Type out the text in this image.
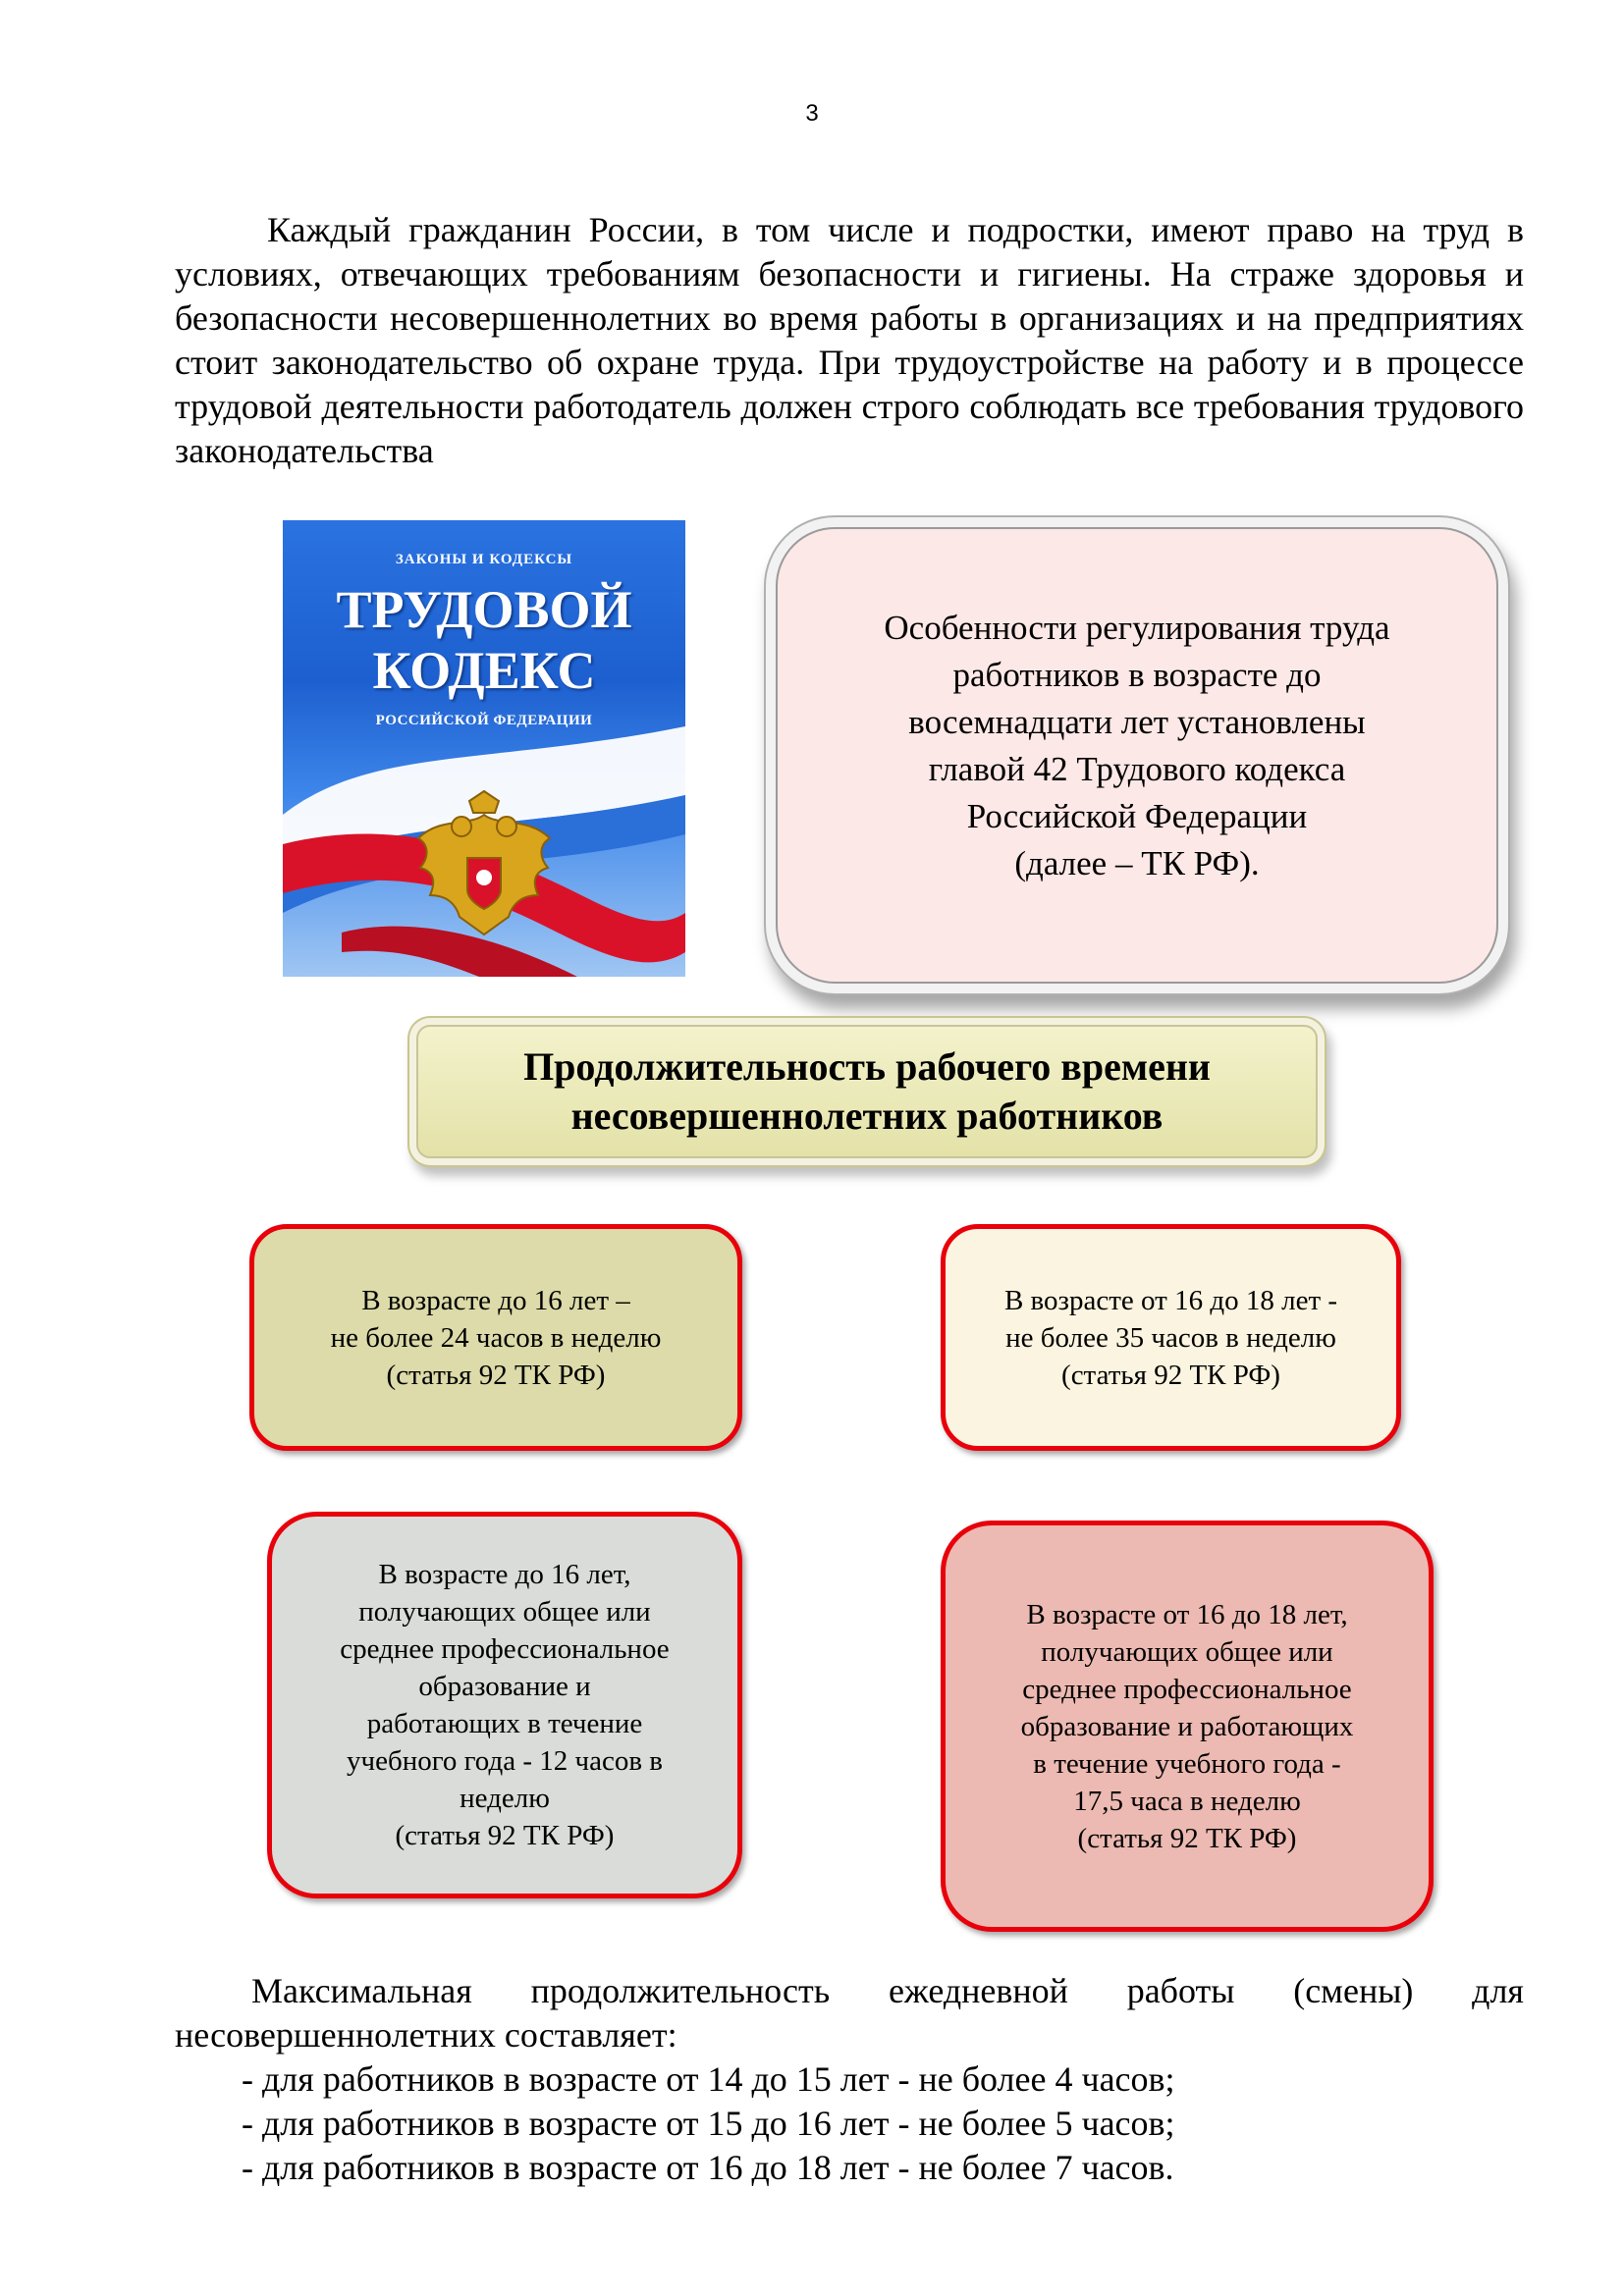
3

Каждый гражданин России, в том числе и подростки, имеют право на труд в условиях, отвечающих требованиям безопасности и гигиены. На страже здоровья и безопасности несовершеннолетних во время работы в организациях и на предприятиях стоит законодательство об охране труда. При трудоустройстве на работу и в процессе трудовой деятельности работодатель должен строго соблюдать все требования трудового законодательства

ЗАКОНЫ И КОДЕКСЫ
ТРУДОВОЙ
КОДЕКС
РОССИЙСКОЙ ФЕДЕРАЦИИ
Особенности регулирования труда
работников в возрасте до
восемнадцати лет установлены
главой 42 Трудового кодекса
Российской Федерации
(далее – ТК РФ).
Продолжительность рабочего времени
несовершеннолетних работников
В возрасте до 16 лет –
не более 24 часов в неделю
(статья 92 ТК РФ)
В возрасте от 16 до 18 лет -
не более 35 часов в неделю
(статья 92 ТК РФ)
В возрасте до 16 лет,
получающих общее или
среднее профессиональное
образование и
работающих в течение
учебного года - 12 часов в
неделю
(статья 92 ТК РФ)
В возрасте от 16 до 18 лет,
получающих общее или
среднее профессиональное
образование и работающих
в течение учебного года -
17,5 часа в неделю
(статья 92 ТК РФ)

Максимальная продолжительность ежедневной работы (смены) для несовершеннолетних составляет:

- для работников в возрасте от 14 до 15 лет - не более 4 часов;
- для работников в возрасте от 15 до 16 лет - не более 5 часов;
- для работников в возрасте от 16 до 18 лет - не более 7 часов.
